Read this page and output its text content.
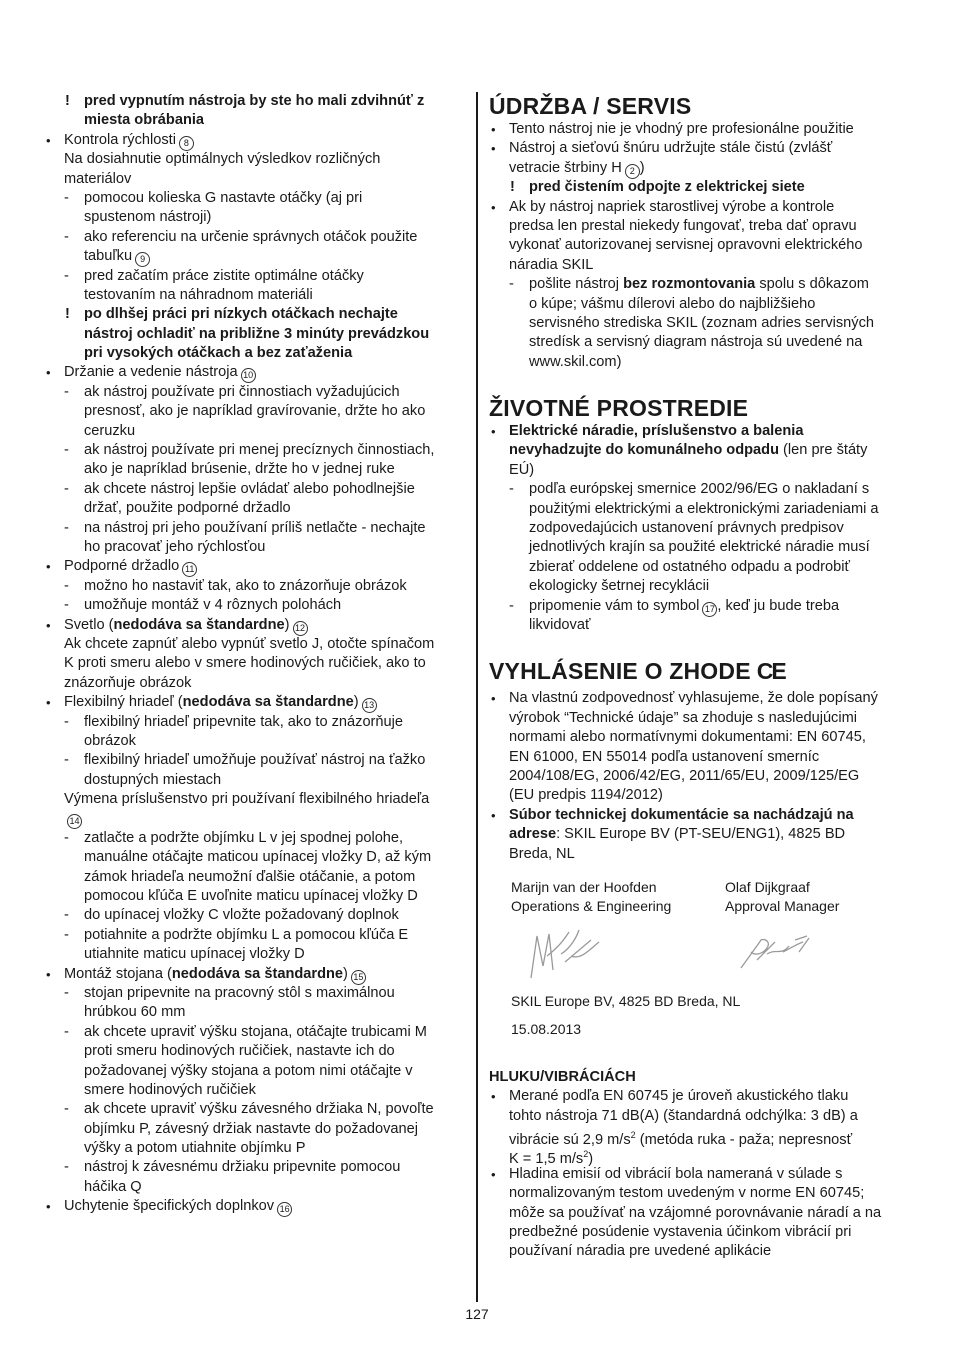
! pred vypnutím nástroja by ste ho mali zdvihnúť z
miesta obrábania
• Kontrola rýchlosti 8
Na dosiahnutie optimálnych výsledkov rozličných
materiálov
- pomocou kolieska G nastavte otáčky (aj pri
spustenom nástroji)
- ako referenciu na určenie správnych otáčok použite
tabuľku 9
- pred začatím práce zistite optimálne otáčky
testovaním na náhradnom materiáli
! po dlhšej práci pri nízkych otáčkach nechajte
nástroj ochladiť na približne 3 minúty prevádzkou
pri vysokých otáčkach a bez zaťaženia
• Držanie a vedenie nástroja 10
- ak nástroj používate pri činnostiach vyžadujúcich
presnosť, ako je napríklad gravírovanie, držte ho ako
ceruzku
- ak nástroj používate pri menej precíznych činnostiach,
ako je napríklad brúsenie, držte ho v jednej ruke
- ak chcete nástroj lepšie ovládať alebo pohodlnejšie
držať, použite podporné držadlo
- na nástroj pri jeho používaní príliš netlačte - nechajte
ho pracovať jeho rýchlosťou
• Podporné držadlo 11
- možno ho nastaviť tak, ako to znázorňuje obrázok
- umožňuje montáž v 4 rôznych polohách
• Svetlo (nedodáva sa štandardne) 12
Ak chcete zapnúť alebo vypnúť svetlo J, otočte spínačom
K proti smeru alebo v smere hodinových ručičiek, ako to
znázorňuje obrázok
• Flexibilný hriadeľ (nedodáva sa štandardne) 13
- flexibilný hriadeľ pripevnite tak, ako to znázorňuje
obrázok
- flexibilný hriadeľ umožňuje používať nástroj na ťažko
dostupných miestach
Výmena príslušenstvo pri používaní flexibilného hriadeľa
14
- zatlačte a podržte objímku L v jej spodnej polohe,
manuálne otáčajte maticou upínacej vložky D, až kým
zámok hriadeľa neumožní ďalšie otáčanie, a potom
pomocou kľúča E uvoľnite maticu upínacej vložky D
- do upínacej vložky C vložte požadovaný doplnok
- potiahnite a podržte objímku L a pomocou kľúča E
utiahnite maticu upínacej vložky D
• Montáž stojana (nedodáva sa štandardne) 15
- stojan pripevnite na pracovný stôl s maximálnou
hrúbkou 60 mm
- ak chcete upraviť výšku stojana, otáčajte trubicami M
proti smeru hodinových ručičiek, nastavte ich do
požadovanej výšky stojana a potom nimi otáčajte v
smere hodinových ručičiek
- ak chcete upraviť výšku závesného držiaka N, povoľte
objímku P, závesný držiak nastavte do požadovanej
výšky a potom utiahnite objímku P
- nástroj k závesnému držiaku pripevnite pomocou
háčika Q
• Uchytenie špecifických doplnkov 16
ÚDRŽBA / SERVIS
• Tento nástroj nie je vhodný pre profesionálne použitie
• Nástroj a sieťovú šnúru udržujte stále čistú (zvlášť
vetracie štrbiny H 2 )
! pred čistením odpojte z elektrickej siete
• Ak by nástroj napriek starostlivej výrobe a kontrole
predsa len prestal niekedy fungovať, treba dať opravu
vykonať autorizovanej servisnej opravovni elektrického
náradia SKIL
- pošlite nástroj bez rozmontovania spolu s dôkazom
o kúpe; vášmu dílerovi alebo do najbližšieho
servisného strediska SKIL (zoznam adries servisných
stredísk a servisný diagram nástroja sú uvedené na
www.skil.com)
ŽIVOTNÉ PROSTREDIE
• Elektrické náradie, príslušenstvo a balenia
nevyhadzujte do komunálneho odpadu (len pre štáty
EÚ)
- podľa európskej smernice 2002/96/EG o nakladaní s
použitými elektrickými a elektronickými zariadeniami a
zodpovedajúcich ustanovení právnych predpisov
jednotlivých krajín sa použité elektrické náradie musí
zbierať oddelene od ostatného odpadu a podrobiť
ekologicky šetrnej recyklácii
- pripomenie vám to symbol 17 , keď ju bude treba
likvidovať
VYHLÁSENIE O ZHODE CE
• Na vlastnú zodpovednosť vyhlasujeme, že dole popísaný
výrobok “Technické údaje” sa zhoduje s nasledujúcimi
normami alebo normatívnymi dokumentami: EN 60745,
EN 61000, EN 55014 podľa ustanovení smerníc
2004/108/EG, 2006/42/EG, 2011/65/EU, 2009/125/EG
(EU predpis 1194/2012)
• Súbor technickej dokumentácie sa nachádzajú na
adrese: SKIL Europe BV (PT-SEU/ENG1), 4825 BD
Breda, NL
Marijn van der Hoofden
Operations & Engineering
Olaf Dijkgraaf
Approval Manager
SKIL Europe BV, 4825 BD Breda, NL
15.08.2013
HLUKU/VIBRÁCIÁCH
• Merané podľa EN 60745 je úroveň akustického tlaku
tohto nástroja 71 dB(A) (štandardná odchýlka: 3 dB) a
vibrácie sú 2,9 $m/s^2$ (metóda ruka - paža; nepresnosť
K = 1,5 $m/s^2$)
• Hladina emisií od vibrácií bola nameraná v súlade s
normalizovaným testom uvedeným v norme EN 60745;
môže sa používať na vzájomné porovnávanie náradí a na
predbežné posúdenie vystavenia účinkom vibrácií pri
používaní náradia pre uvedené aplikácie
127
